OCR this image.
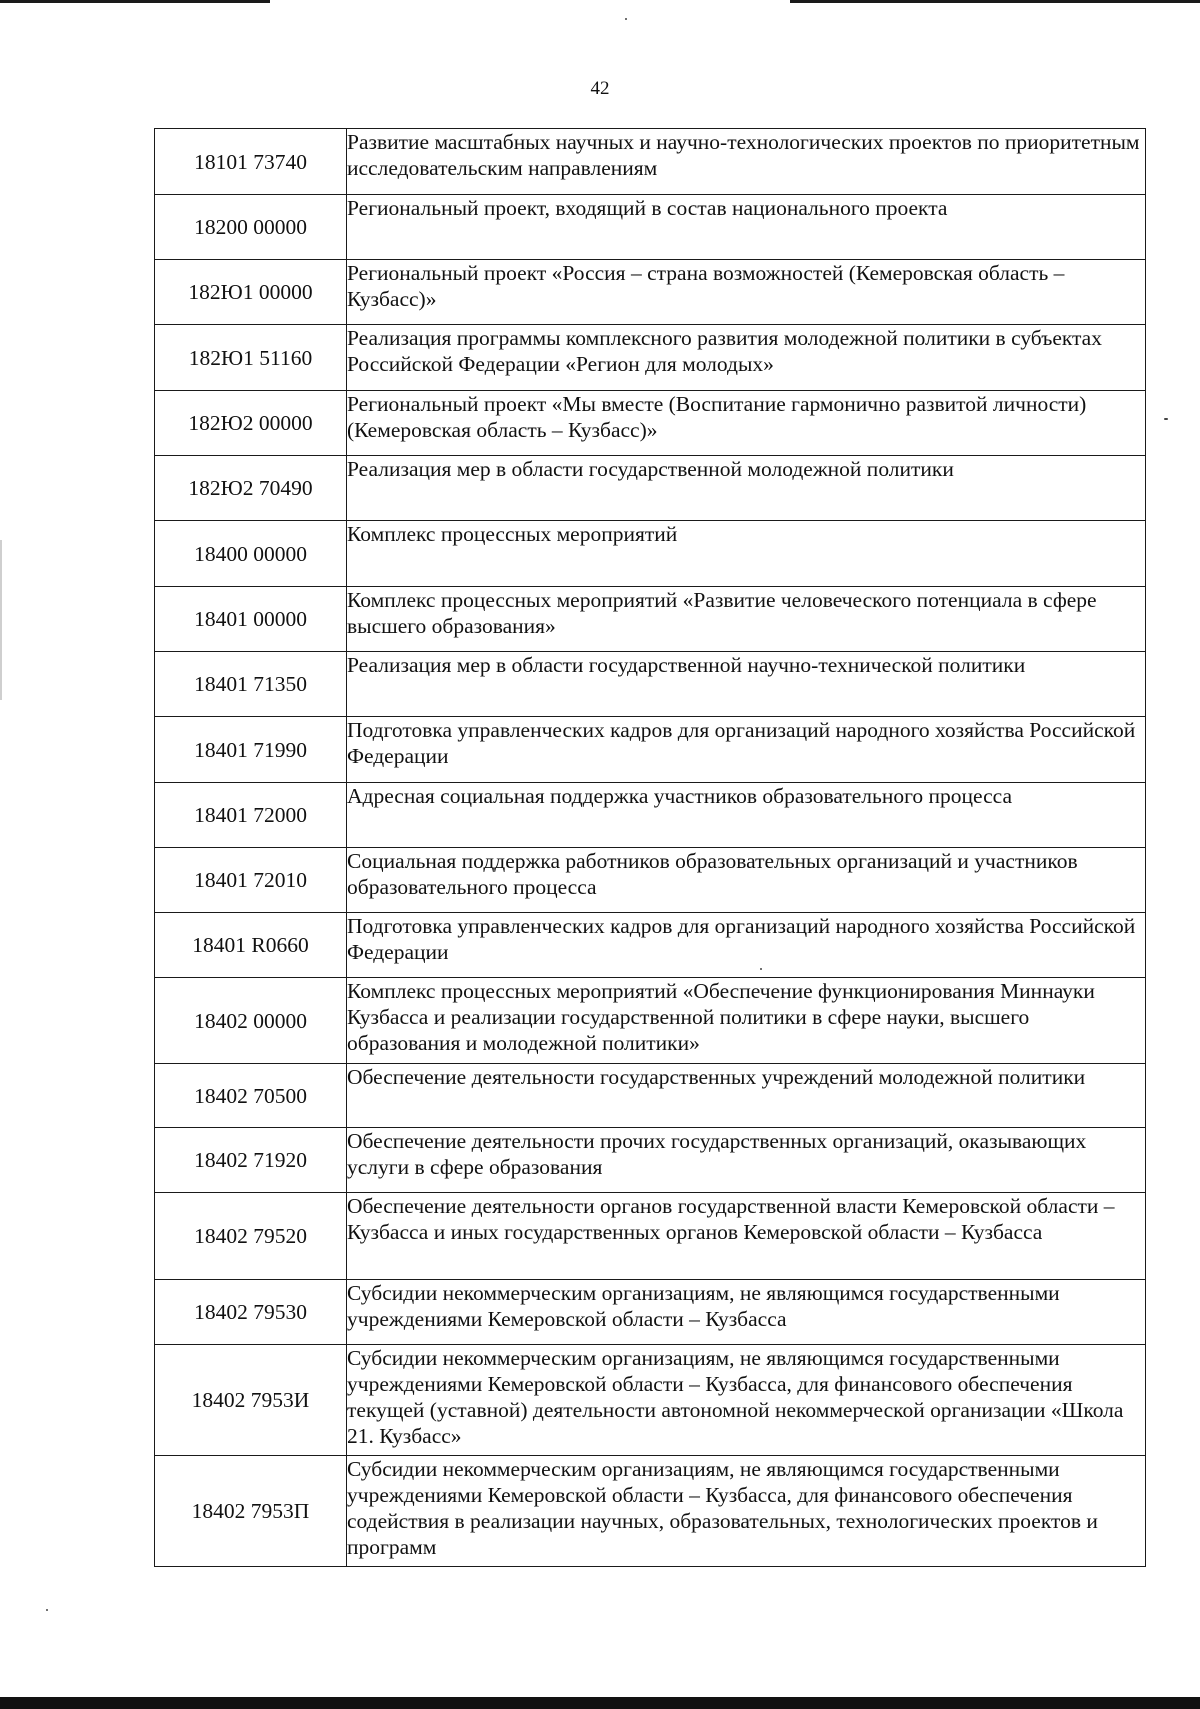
42
18101 73740	Развитие масштабных научных и научно-технологических проектов по приоритетным исследовательским направлениям
18200 00000	Региональный проект, входящий в состав национального проекта
182Ю1 00000	Региональный проект «Россия – страна возможностей (Кемеровская область – Кузбасс)»
182Ю1 51160	Реализация программы комплексного развития молодежной политики в субъектах Российской Федерации «Регион для молодых»
182Ю2 00000	Региональный проект «Мы вместе (Воспитание гармонично развитой личности) (Кемеровская область – Кузбасс)»
182Ю2 70490	Реализация мер в области государственной молодежной политики
18400 00000	Комплекс процессных мероприятий
18401 00000	Комплекс процессных мероприятий «Развитие человеческого потенциала в сфере высшего образования»
18401 71350	Реализация мер в области государственной научно-технической политики
18401 71990	Подготовка управленческих кадров для организаций народного хозяйства Российской Федерации
18401 72000	Адресная социальная поддержка участников образовательного процесса
18401 72010	Социальная поддержка работников образовательных организаций и участников образовательного процесса
18401 R0660	Подготовка управленческих кадров для организаций народного хозяйства Российской Федерации
18402 00000	Комплекс процессных мероприятий «Обеспечение функционирования Миннауки Кузбасса и реализации государственной политики в сфере науки, высшего образования и молодежной политики»
18402 70500	Обеспечение деятельности государственных учреждений молодежной политики
18402 71920	Обеспечение деятельности прочих государственных организаций, оказывающих услуги в сфере образования
18402 79520	Обеспечение деятельности органов государственной власти Кемеровской области – Кузбасса и иных государственных органов Кемеровской области – Кузбасса
18402 79530	Субсидии некоммерческим организациям, не являющимся государственными учреждениями Кемеровской области – Кузбасса
18402 7953И	Субсидии некоммерческим организациям, не являющимся государственными учреждениями Кемеровской области – Кузбасса, для финансового обеспечения текущей (уставной) деятельности автономной некоммерческой организации «Школа 21. Кузбасс»
18402 7953П	Субсидии некоммерческим организациям, не являющимся государственными учреждениями Кемеровской области – Кузбасса, для финансового обеспечения содействия в реализации научных, образовательных, технологических проектов и программ
